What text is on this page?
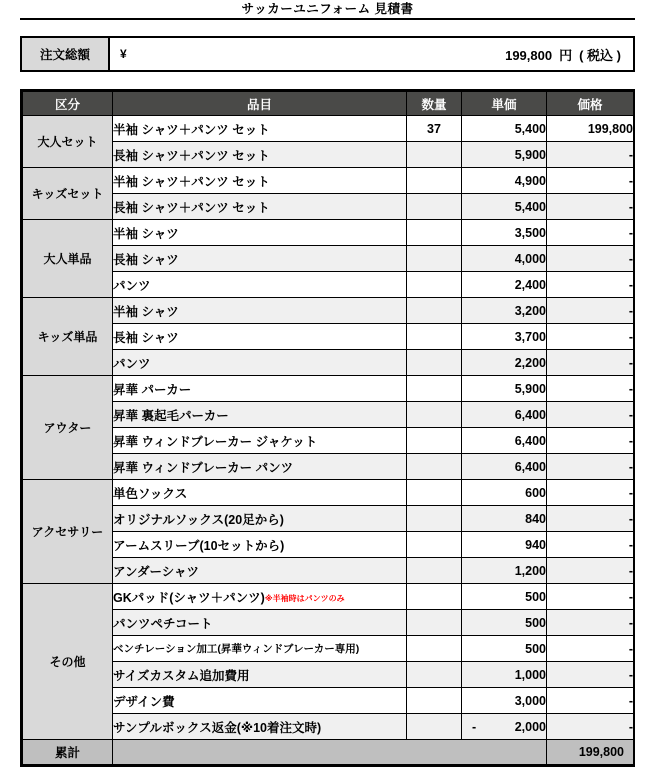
サッカーユニフォーム 見積書
注文総額	¥	199,800 円 ( 税込 )
区分	品目	数量	単価	価格
大人セット	半袖 シャツ＋パンツ セット	37	5,400	199,800
	長袖 シャツ＋パンツ セット		5,900	-
キッズセット	半袖 シャツ＋パンツ セット		4,900	-
	長袖 シャツ＋パンツ セット		5,400	-
大人単品	半袖 シャツ		3,500	-
	長袖 シャツ		4,000	-
	パンツ		2,400	-
キッズ単品	半袖 シャツ		3,200	-
	長袖 シャツ		3,700	-
	パンツ		2,200	-
アウター	昇華 パーカー		5,900	-
	昇華 裏起毛パーカー		6,400	-
	昇華 ウィンドブレーカー ジャケット		6,400	-
	昇華 ウィンドブレーカー パンツ		6,400	-
アクセサリー	単色ソックス		600	-
	オリジナルソックス(20足から)		840	-
	アームスリーブ(10セットから)		940	-
	アンダーシャツ		1,200	-
その他	GKパッド(シャツ＋パンツ)※半袖時はパンツのみ		500	-
	パンツペチコート		500	-
	ベンチレーション加工(昇華ウィンドブレーカー専用)		500	-
	サイズカスタム追加費用		1,000	-
	デザイン費		3,000	-
	サンプルボックス返金(※10着注文時)		- 2,000	-
累計				199,800
